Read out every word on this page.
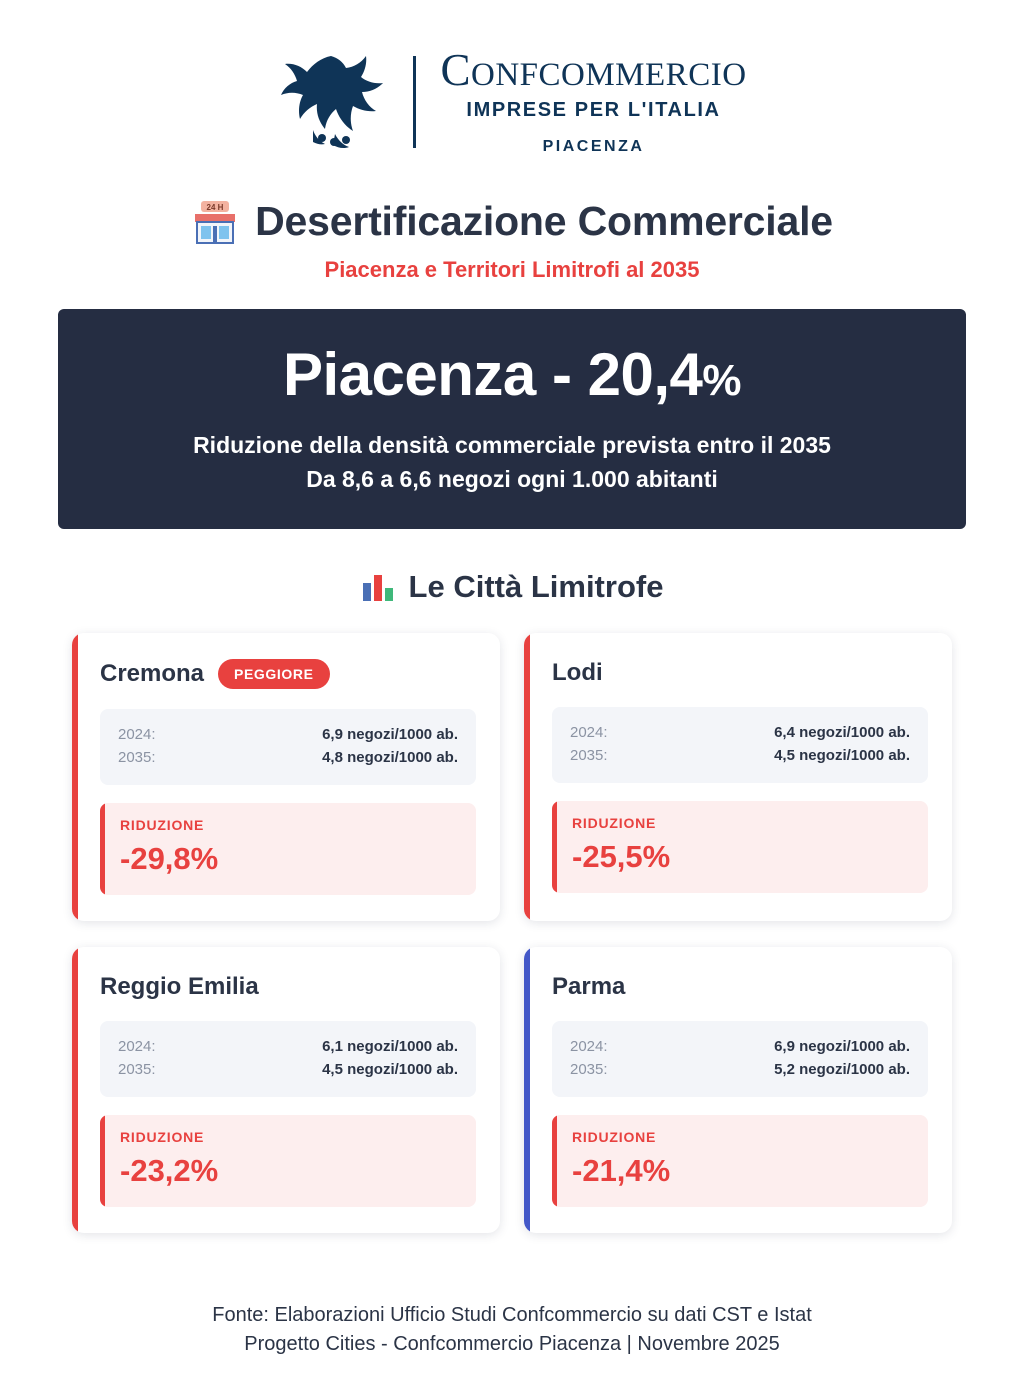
CONFCOMMERCIO
IMPRESE PER L'ITALIA
PIACENZA
24 H Desertificazione Commerciale
Piacenza e Territori Limitrofi al 2035
Piacenza - 20,4%
Riduzione della densità commerciale prevista entro il 2035
Da 8,6 a 6,6 negozi ogni 1.000 abitanti
Le Città Limitrofe
Cremona	PEGGIORE
2024:	6,9 negozi/1000 ab.
2035:	4,8 negozi/1000 ab.
RIDUZIONE
-29,8%
Lodi
2024:	6,4 negozi/1000 ab.
2035:	4,5 negozi/1000 ab.
RIDUZIONE
-25,5%
Reggio Emilia
2024:	6,1 negozi/1000 ab.
2035:	4,5 negozi/1000 ab.
RIDUZIONE
-23,2%
Parma
2024:	6,9 negozi/1000 ab.
2035:	5,2 negozi/1000 ab.
RIDUZIONE
-21,4%
Fonte: Elaborazioni Ufficio Studi Confcommercio su dati CST e Istat
Progetto Cities - Confcommercio Piacenza | Novembre 2025
